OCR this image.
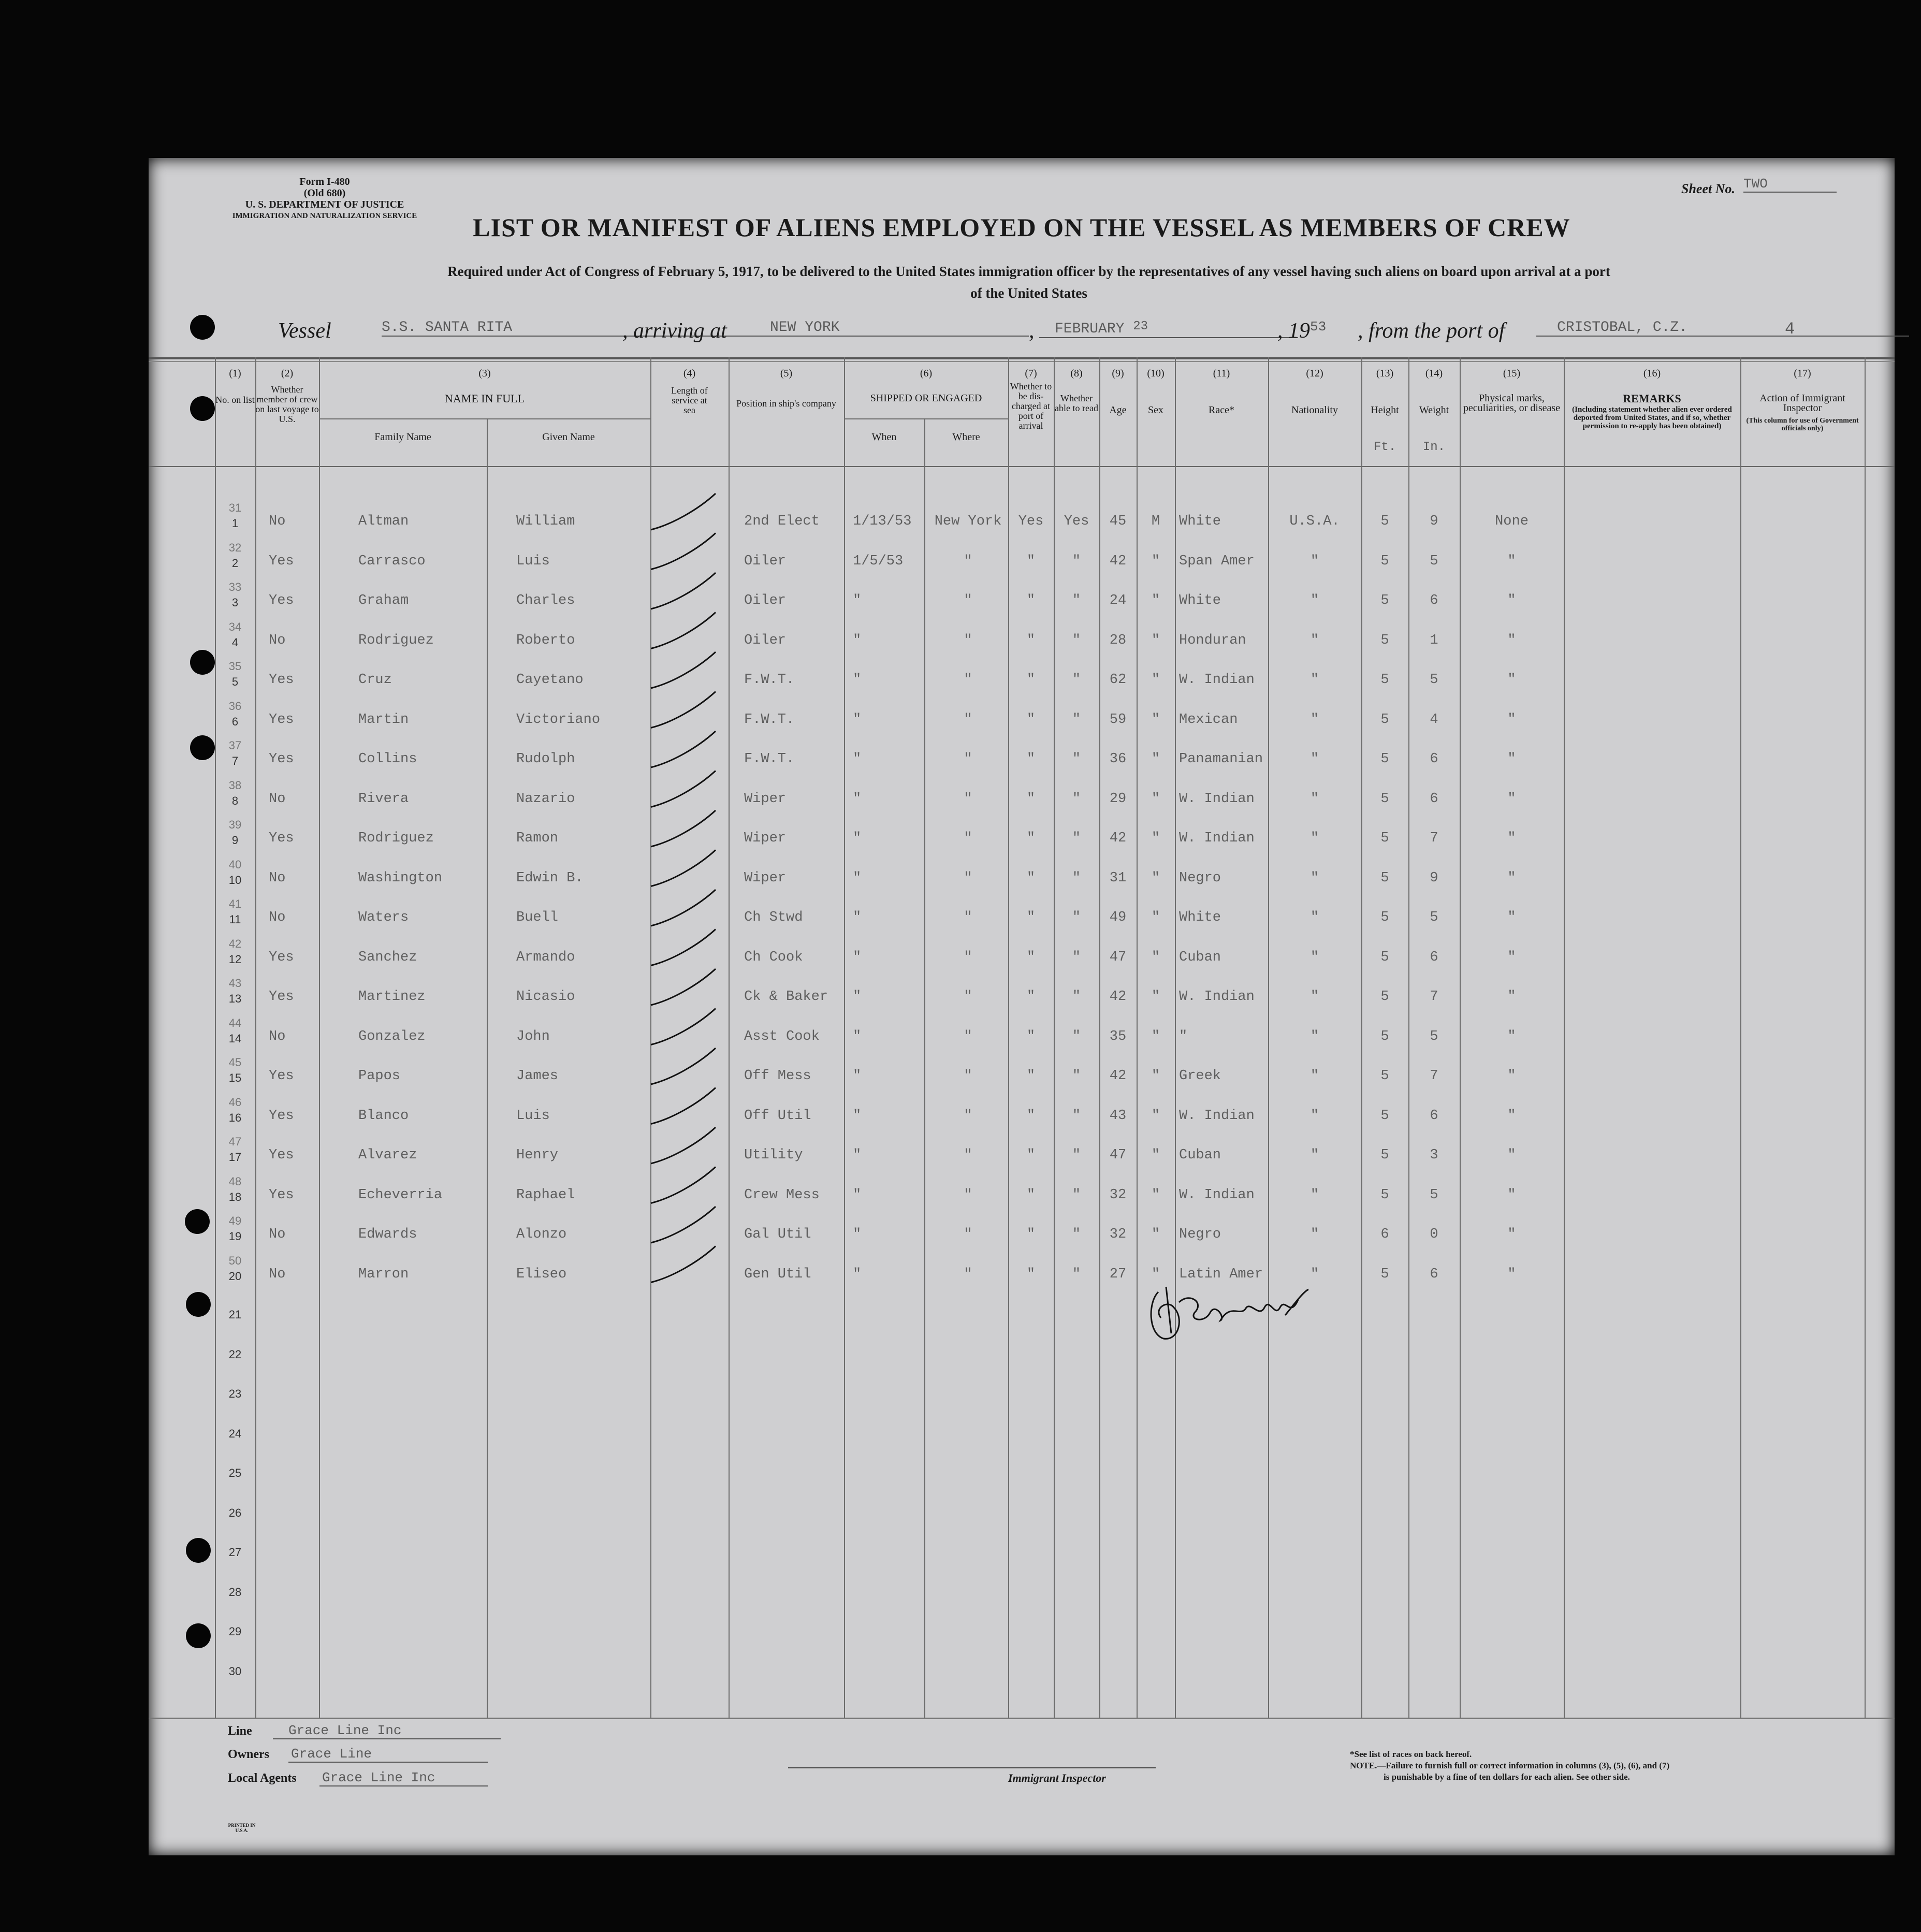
Form I-480
(Old 680)
U. S. DEPARTMENT OF JUSTICE
IMMIGRATION AND NATURALIZATION SERVICE
Sheet No. TWO
LIST OR MANIFEST OF ALIENS EMPLOYED ON THE VESSEL AS MEMBERS OF CREW
Required under Act of Congress of February 5, 1917, to be delivered to the United States immigration officer by the representatives of any vessel having such aliens on board upon arrival at a port
of the United States
Vessel	S.S. SANTA RITA	, arriving at	NEW YORK	,	FEBRUARY 23	, $19^{53}$ , from the port of	CRISTOBAL, C.Z.	4
(1)	(2)	(3)	(4)	(5)	(6)	(7)	(8)	(9)	(10)	(11)	(12)	(13)	(14)	(15)	(16)	(17)
No. on list
Whether member of crew on last voyage to U.S.
NAME IN FULL
Family Name	Given Name
Length of service at sea
Position in ship's company	SHIPPED OR ENGAGED
When	Where
Whether to be dis-charged at port of arrival
Whether able to read	Age	Sex	Race*	Nationality	Height
Ft.
Weight
In.
Physical marks, peculiarities, or disease
REMARKS
(Including statement whether alien ever ordered deported from United States, and if so, whether permission to re-apply has been obtained)
Action of Immigrant Inspector
(This column for use of Government officials only)
31
1	No	Altman	William	2nd Elect	1/13/53	New York	Yes	Yes	45	M	White	U.S.A.	5	9	None
32
2	Yes	Carrasco	Luis	Oiler	1/5/53	"	"	"	42	"	Span Amer	"	5	5	"
33
3	Yes	Graham	Charles	Oiler	"	"	"	"	24	"	White	"	5	6	"
34
4	No	Rodriguez	Roberto	Oiler	"	"	"	"	28	"	Honduran	"	5	1	"
35
5	Yes	Cruz	Cayetano	F.W.T.	"	"	"	"	62	"	W. Indian	"	5	5	"
36
6	Yes	Martin	Victoriano	F.W.T.	"	"	"	"	59	"	Mexican	"	5	4	"
37
7	Yes	Collins	Rudolph	F.W.T.	"	"	"	"	36	"	Panamanian	"	5	6	"
38
8	No	Rivera	Nazario	Wiper	"	"	"	"	29	"	W. Indian	"	5	6	"
39
9	Yes	Rodriguez	Ramon	Wiper	"	"	"	"	42	"	W. Indian	"	5	7	"
40
10	No	Washington	Edwin B.	Wiper	"	"	"	"	31	"	Negro	"	5	9	"
41
11	No	Waters	Buell	Ch Stwd	"	"	"	"	49	"	White	"	5	5	"
42
12	Yes	Sanchez	Armando	Ch Cook	"	"	"	"	47	"	Cuban	"	5	6	"
43
13	Yes	Martinez	Nicasio	Ck & Baker	"	"	"	"	42	"	W. Indian	"	5	7	"
44
14	No	Gonzalez	John	Asst Cook	"	"	"	"	35	"	"	"	5	5	"
45
15	Yes	Papos	James	Off Mess	"	"	"	"	42	"	Greek	"	5	7	"
46
16	Yes	Blanco	Luis	Off Util	"	"	"	"	43	"	W. Indian	"	5	6	"
47
17	Yes	Alvarez	Henry	Utility	"	"	"	"	47	"	Cuban	"	5	3	"
48
18	Yes	Echeverria	Raphael	Crew Mess	"	"	"	"	32	"	W. Indian	"	5	5	"
49
19	No	Edwards	Alonzo	Gal Util	"	"	"	"	32	"	Negro	"	6	0	"
50
20	No	Marron	Eliseo	Gen Util	"	"	"	"	27	"	Latin Amer	"	5	6	"
21
22
23
24
25
26
27
28
29
30
Line	Grace Line Inc
Owners Grace Line
Local Agents Grace Line Inc	Immigrant Inspector
*See list of races on back hereof.
NOTE.—Failure to furnish full or correct information in columns (3), (5), (6), and (7)
is punishable by a fine of ten dollars for each alien. See other side.
PRINTED IN U.S.A.
